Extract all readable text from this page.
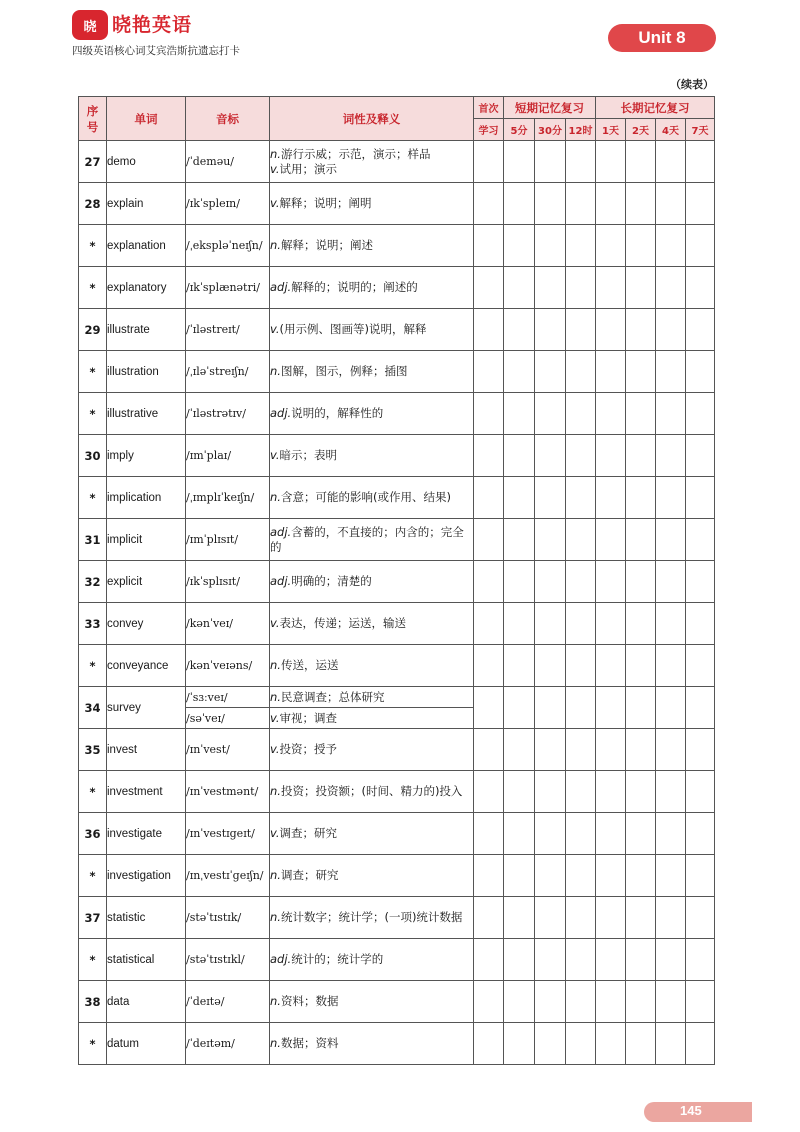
晓 晓艳英语
四级英语核心词艾宾浩斯抗遗忘打卡
Unit 8
（续表）
序
号	单词	音标	词性及释义	首次	短期记忆复习			长期记忆复习			
				学习	5分	30分	12时	1天	2天	4天	7天
27	demo	/ˈdeməu/	n.游行示威；示范，演示；样品
v.试用；演示								
28	explain	/ɪkˈspleɪn/	v.解释；说明；阐明								
*	explanation	/ˌekspləˈneɪʃn/	n.解释；说明；阐述								
*	explanatory	/ɪkˈsplænətri/	adj.解释的；说明的；阐述的								
29	illustrate	/ˈɪləstreɪt/	v.(用示例、图画等)说明，解释								
*	illustration	/ˌɪləˈstreɪʃn/	n.图解，图示，例释；插图								
*	illustrative	/ˈɪləstrətɪv/	adj.说明的，解释性的								
30	imply	/ɪmˈplaɪ/	v.暗示；表明								
*	implication	/ˌɪmplɪˈkeɪʃn/	n.含意；可能的影响(或作用、结果)								
31	implicit	/ɪmˈplɪsɪt/	adj.含蓄的，不直接的；内含的；完全的								
32	explicit	/ɪkˈsplɪsɪt/	adj.明确的；清楚的								
33	convey	/kənˈveɪ/	v.表达，传递；运送，输送								
*	conveyance	/kənˈveɪəns/	n.传送，运送								
34	survey	/ˈsɜːveɪ/	n.民意调查；总体研究								
		/səˈveɪ/	v.审视；调查								
35	invest	/ɪnˈvest/	v.投资；授予								
*	investment	/ɪnˈvestmənt/	n.投资；投资额；(时间、精力的)投入								
36	investigate	/ɪnˈvestɪgeɪt/	v.调查；研究								
*	investigation	/ɪnˌvestɪˈgeɪʃn/	n.调查；研究								
37	statistic	/stəˈtɪstɪk/	n.统计数字；统计学；(一项)统计数据								
*	statistical	/stəˈtɪstɪkl/	adj.统计的；统计学的								
38	data	/ˈdeɪtə/	n.资料；数据								
*	datum	/ˈdeɪtəm/	n.数据；资料								
145
